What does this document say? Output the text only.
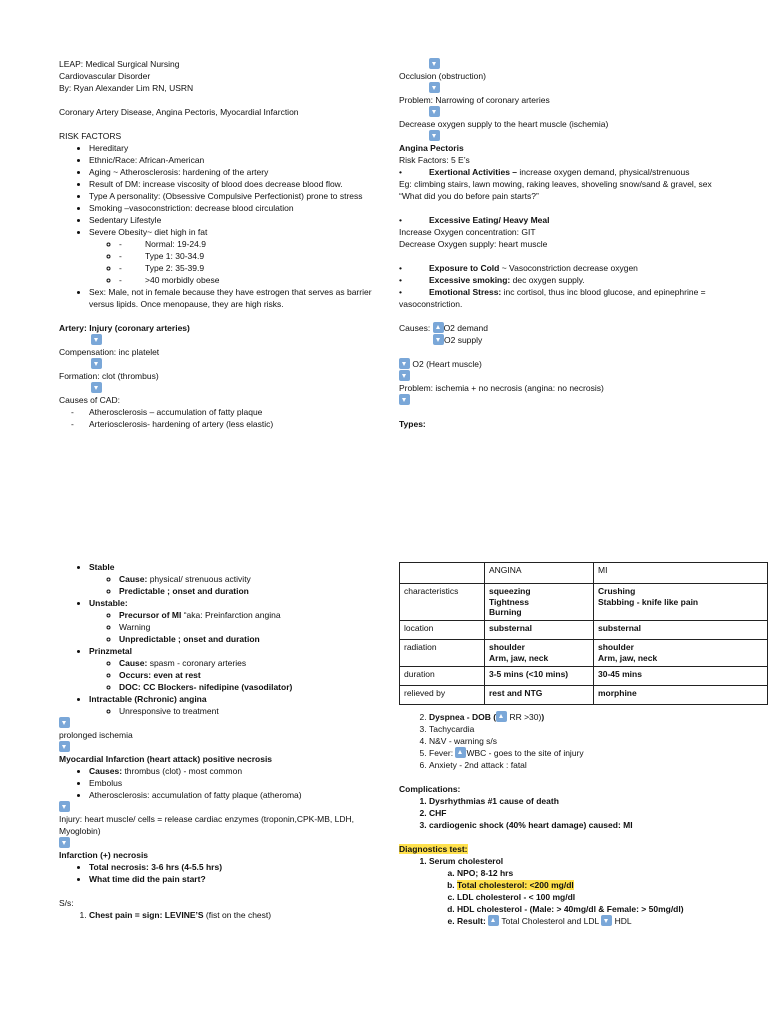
LEAP: Medical Surgical Nursing

Cardiovascular Disorder

By: Ryan Alexander Lim RN, USRN

Coronary Artery Disease, Angina Pectoris, Myocardial Infarction

RISK FACTORS

• Hereditary
• Ethnic/Race: African-American
• Aging ~ Atherosclerosis: hardening of the artery
• Result of DM: increase viscosity of blood does decrease blood flow.
• Type A personality: (Obsessive Compulsive Perfectionist) prone to stress
• Smoking –vasoconstriction: decrease blood circulation
• Sedentary Lifestyle
• Severe Obesity~ diet high in fat
◦ -	Normal: 19-24.9
◦ -	Type 1: 30-34.9
◦ -	Type 2: 35-39.9
◦ -	>40 morbidly obese
• Sex: Male, not in female because they have estrogen that serves as barrier versus lipids. Once menopause, they are high risks.

Artery: Injury (coronary arteries)

Compensation: inc platelet

Formation: clot (thrombus)

Causes of CAD:

- Atherosclerosis – accumulation of fatty plaque
- Arteriosclerosis- hardening of artery (less elastic)

Occlusion (obstruction)

Problem: Narrowing of coronary arteries

Decrease oxygen supply to the heart muscle (ischemia)

Angina Pectoris

Risk Factors: 5 E’s

•	Exertional Activities – increase oxygen demand, physical/strenuous

Eg: climbing stairs, lawn mowing, raking leaves, shoveling snow/sand & gravel, sex

“What did you do before pain starts?”

•	Excessive Eating/ Heavy Meal

Increase Oxygen concentration: GIT

Decrease Oxygen supply: heart muscle

•	Exposure to Cold ~ Vasoconstriction decrease oxygen

•	Excessive smoking: dec oxygen supply.

•	Emotional Stress: inc cortisol, thus inc blood glucose, and epinephrine = vasoconstriction.

Causes: O2 demand

O2 supply

O2 (Heart muscle)

Problem: ischemia + no necrosis (angina: no necrosis)

Types:

• Stable
◦ Cause: physical/ strenuous activity
◦ Predictable ; onset and duration
• Unstable:
◦ Precursor of MI “aka: Preinfarction angina
◦ Warning
◦ Unpredictable ; onset and duration
• Prinzmetal
◦ Cause: spasm - coronary arteries
◦ Occurs: even at rest
◦ DOC: CC Blockers- nifedipine (vasodilator)
• Intractable (Rchronic) angina
◦ Unresponsive to treatment

prolonged ischemia

Myocardial Infarction (heart attack) positive necrosis

• Causes: thrombus (clot) - most common
• Embolus
• Atherosclerosis: accumulation of fatty plaque (atheroma)

Injury: heart muscle/ cells = release cardiac enzymes (troponin,CPK-MB, LDH, Myoglobin)

Infarction (+) necrosis

• Total necrosis: 3-6 hrs (4-5.5 hrs)
• What time did the pain start?

S/s:

1. Chest pain = sign: LEVINE’S (fist on the chest)
	ANGINA	MI
characteristics	squeezing
Tightness
Burning	Crushing
Stabbing - knife like pain
location	substernal	substernal
radiation	shoulder
Arm, jaw, neck	shoulder
Arm, jaw, neck
duration	3-5 mins (<10 mins)	30-45 mins
relieved by	rest and NTG	morphine
2. Dyspnea - DOB ( RR >30))
3. Tachycardia
4. N&V - warning s/s
5. Fever: WBC - goes to the site of injury
6. Anxiety - 2nd attack : fatal

Complications:

1. Dysrhythmias #1 cause of death
2. CHF
3. cardiogenic shock (40% heart damage) caused: MI

Diagnostics test:

1. Serum cholesterol
a. NPO; 8-12 hrs
b. Total cholesterol: <200 mg/dl
c. LDL cholesterol - < 100 mg/dl
d. HDL cholesterol - (Male: > 40mg/dl & Female: > 50mg/dl)
e. Result:  Total Cholesterol and LDL  HDL
